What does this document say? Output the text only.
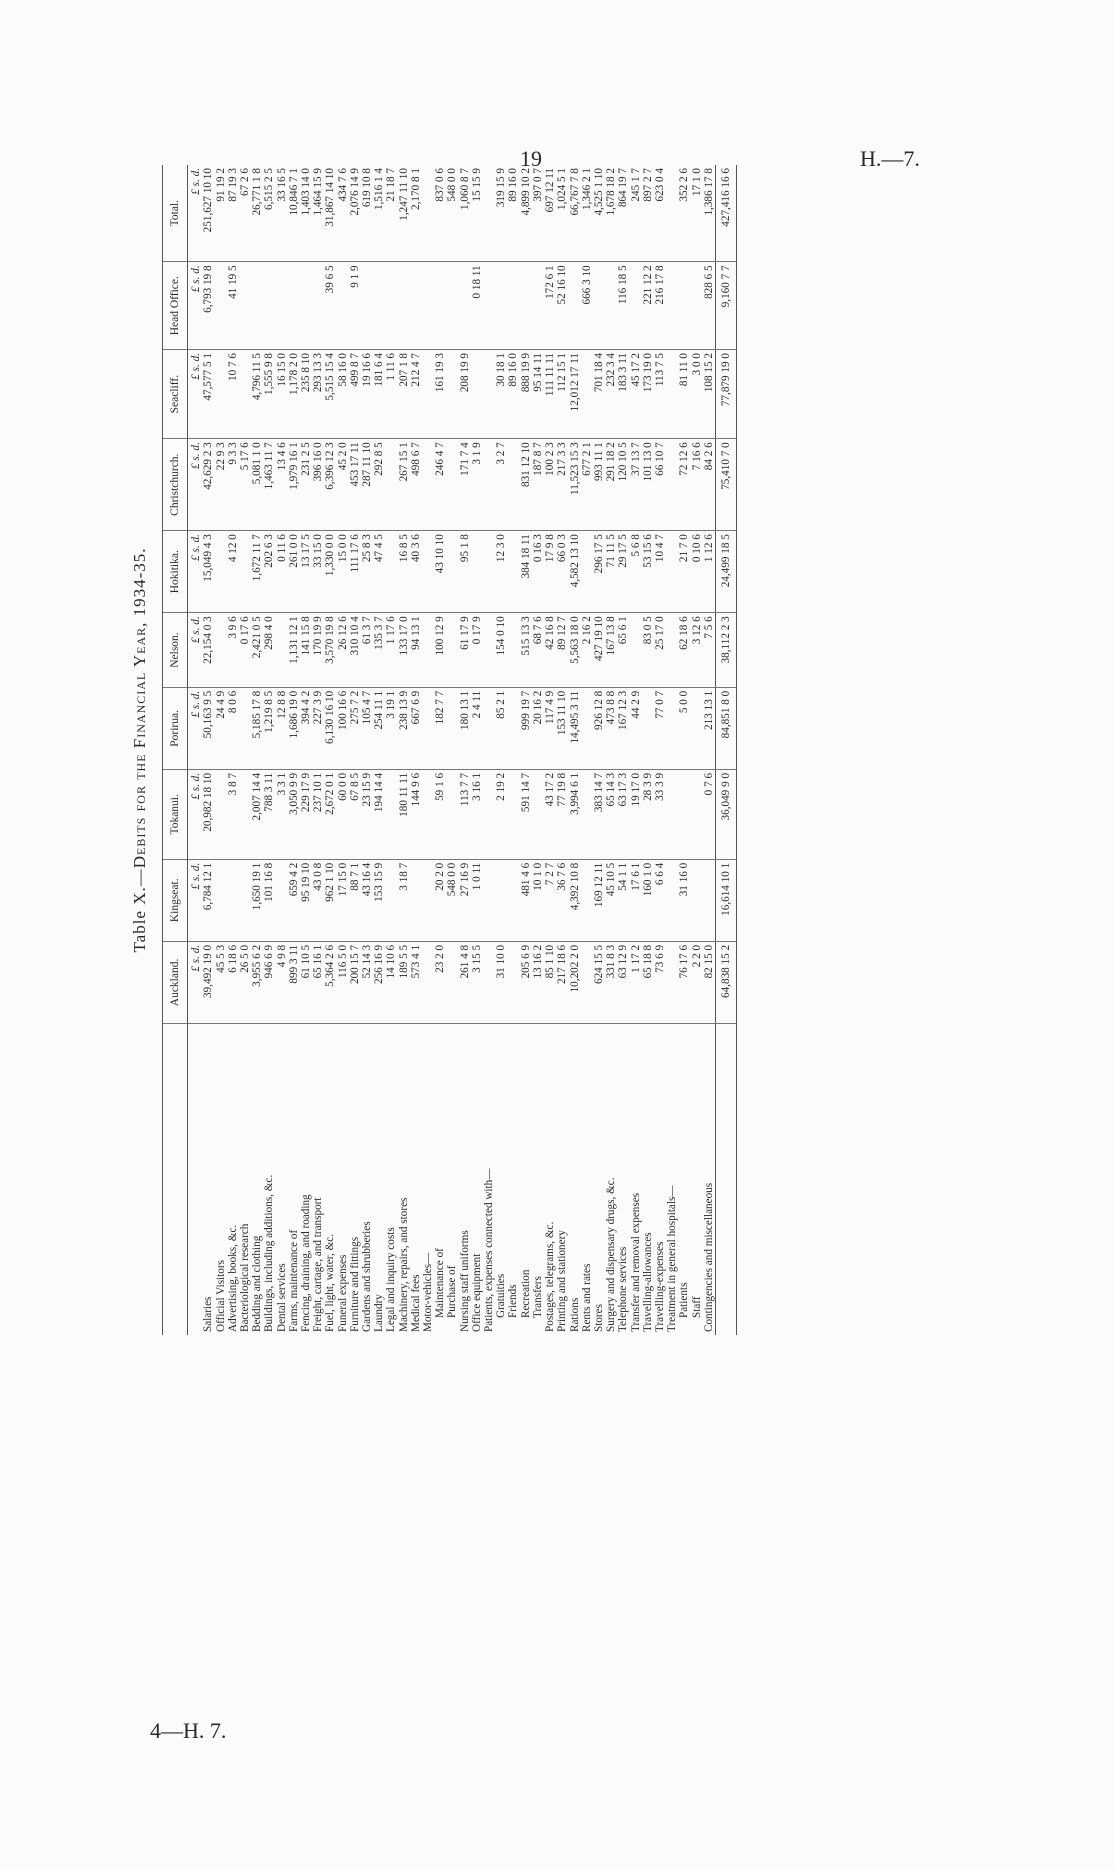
19	H.—7.
4—H. 7.
Table X.—Debits for the Financial Year, 1934-35.
	Auckland.	Kingseat.	Tokanui.	Porirua.	Nelson.	Hokitika.	Christchurch.	Seacliff.	Head Office.	Total.
	£ s. d.	£ s. d.	£ s. d.	£ s. d.	£ s. d.	£ s. d.	£ s. d.	£ s. d.	£ s. d.	£ s. d.
Salaries	39,492 19 0	6,784 12 1	20,982 18 10	50,163 9 5	22,154 0 3	15,049 4 3	42,629 2 3	47,577 5 1	6,793 19 8	251,627 10 10
Official Visitors	45 5 3			24 4 9			22 9 3			91 19 2
Advertising, books, &c.	6 18 6		3 8 7	8 0 6	3 9 6	4 12 0	9 3 3	10 7 6	41 19 5	87 19 3
Bacteriological research	26 5 0				0 17 6		5 17 6			67 2 6
Bedding and clothing	3,955 6 2	1,650 19 1	2,007 14 4	5,185 17 8	2,421 0 5	1,672 11 7	5,081 1 0	4,796 11 5		26,771 1 8
Buildings, including additions, &c.	946 6 9	101 16 8	788 3 11	1,219 8 5	298 4 0	202 6 3	1,463 11 7	1,555 9 8		6,515 2 5
Dental services	4 9 8		3 3 1	12 8 8		0 11 6	13 4 6	16 15 0		33 16 5
Farms, maintenance of	899 3 11	659 4 2	3,050 9 9	1,686 19 0	1,131 12 1	261 0 0	1,979 16 1	1,178 2 0		10,846 7 1
Fencing, draining, and roading	61 10 5	95 19 10	229 17 9	394 4 2	141 15 8	13 17 5	231 2 5	235 8 10		1,403 14 0
Freight, cartage, and transport	65 16 1	43 0 8	237 10 1	227 3 9	170 19 9	33 15 0	396 16 0	293 13 3		1,464 15 9
Fuel, light, water, &c.	5,364 2 6	962 1 10	2,672 0 1	6,130 16 10	3,570 19 8	1,330 0 0	6,396 12 3	5,515 15 4	39 6 5	31,867 14 10
Funeral expenses	116 5 0	17 15 0	60 0 0	100 16 6	26 12 6	15 0 0	45 2 0	58 16 0		434 7 6
Furniture and fittings	200 15 7	88 7 1	67 8 5	275 7 2	310 10 4	111 17 6	453 17 11	499 8 7	9 1 9	2,076 14 9
Gardens and shrubberies	52 14 3	43 16 4	23 15 9	105 4 7	61 3 7	25 8 3	287 11 10	19 16 6		619 10 8
Laundry	256 16 9	153 15 9	194 14 4	254 11 1	135 3 7	47 4 5	292 8 5	181 6 4		1,516 1 4
Legal and inquiry costs	14 10 6			3 19 1	1 17 6			1 11 6		21 18 7
Machinery, repairs, and stores	189 5 5	3 18 7	180 11 11	238 13 9	133 17 0	16 8 5	267 15 1	207 1 8		1,247 11 10
Medical fees	573 4 1		144 9 6	667 6 9	94 13 1	40 3 6	498 6 7	212 4 7		2,170 8 1
Motor-vehicles—										
Maintenance of	23 2 0	20 2 0	59 1 6	182 7 7	100 12 9	43 10 10	246 4 7	161 19 3		837 0 6
Purchase of		548 0 0								548 0 0
Nursing staff uniforms	261 4 8	27 16 9	113 7 7	180 13 1	61 17 9	95 1 8	171 7 4	208 19 9		1,060 8 7
Office equipment	3 15 5	1 0 11	3 16 1	2 4 11	0 17 9		3 1 9		0 18 11	15 15 9
Patients, expenses connected with—										
Gratuities	31 10 0		2 19 2	85 2 1	154 0 10	12 3 0	3 2 7	30 18 1		319 15 9
Friends								89 16 0		89 16 0
Recreation	205 6 9	481 4 6	591 14 7	999 19 7	515 13 3	384 18 11	831 12 10	888 19 9		4,899 10 2
Transfers	13 16 2	10 1 0		20 16 2	68 7 6	0 16 3	187 8 7	95 14 11		397 0 7
Postages, telegrams, &c.	85 1 10	7 2 7	43 17 2	117 4 9	42 16 8	17 9 8	100 2 3	111 11 11	172 6 1	697 12 11
Printing and stationery	217 18 6	36 7 6	77 19 8	153 11 10	89 12 7	66 0 3	217 3 3	112 15 1	52 16 10	1,024 5 1
Rations	10,202 2 0	4,392 10 8	3,994 6 1	14,495 3 11	5,563 18 0	4,582 13 10	11,523 15 3	12,012 17 11		66,767 7 8
Rents and rates					2 16 2		677 2 1		666 3 10	1,346 2 1
Stores	624 15 5	169 12 11	383 14 7	926 12 8	427 19 10	296 17 5	993 11 1	701 18 4		4,525 1 10
Surgery and dispensary drugs, &c.	331 8 3	45 10 5	65 14 3	473 8 8	167 13 8	71 11 5	291 18 2	232 3 4		1,678 18 2
Telephone services	63 12 9	54 1 1	63 17 3	167 12 3	65 6 1	29 17 5	120 10 5	183 3 11	116 18 5	864 19 7
Transfer and removal expenses	1 17 2	17 6 1	19 17 0	44 2 9		5 6 8	37 13 7	45 17 2		245 1 7
Travelling-allowances	65 18 8	160 1 0	28 3 9		83 0 5	53 15 6	101 13 0	173 19 0	221 12 2	897 2 7
Travelling-expenses	73 6 9	6 6 4	33 3 9	77 0 7	25 17 0	10 4 7	66 10 7	113 7 5	216 17 8	623 0 4
Treatment in general hospitals—										
Patients	76 17 6	31 16 0		5 0 0	62 18 6	21 7 0	72 12 6	81 11 0		352 2 6
Staff	2 2 0				3 12 6	0 10 6	7 16 6	3 0 0		17 1 0
Contingencies and miscellaneous	82 15 0		0 7 6	213 13 1	7 5 6	1 12 6	84 2 6	108 15 2	828 6 5	1,386 17 8
	64,838 15 2	16,614 10 1	36,049 9 0	84,851 8 0	38,112 2 3	24,499 18 5	75,410 7 0	77,879 19 0	9,160 7 7	427,416 16 6
